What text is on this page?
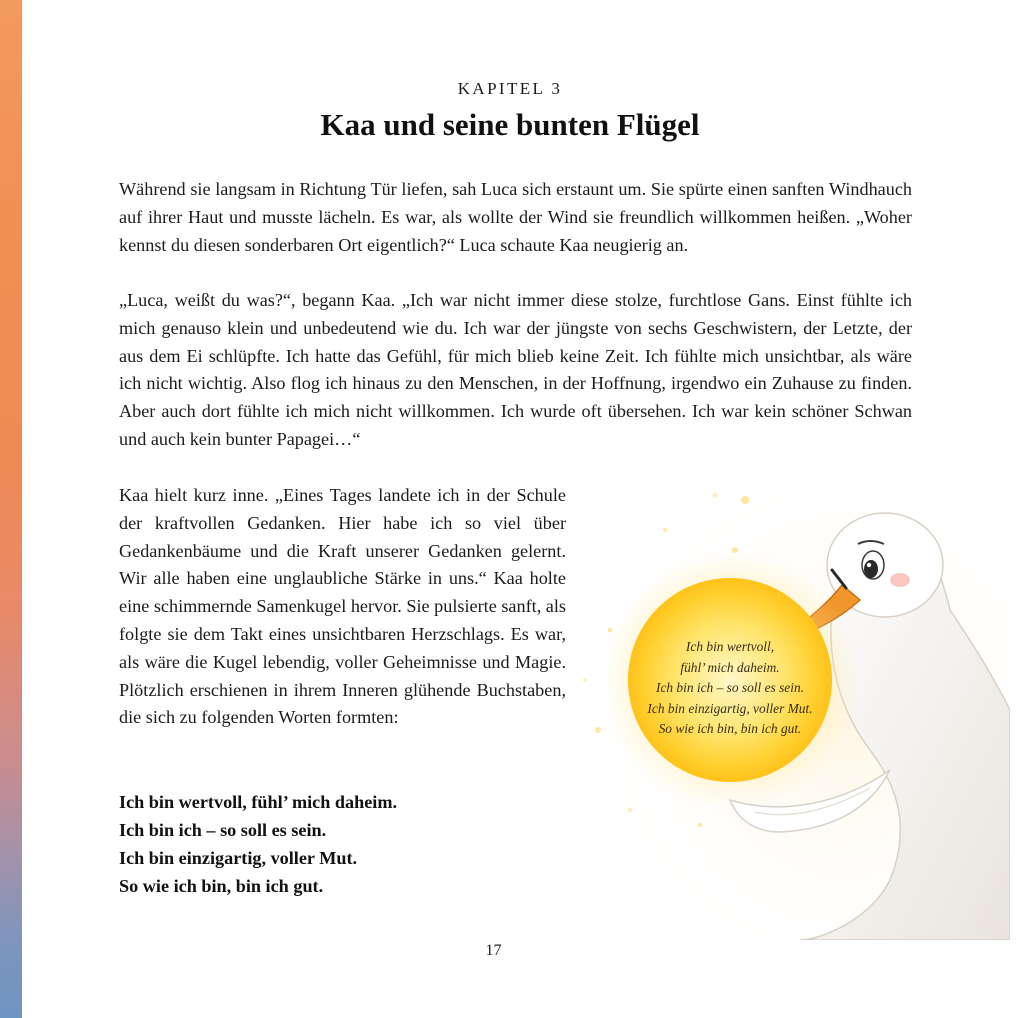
KAPITEL 3
Kaa und seine bunten Flügel

Während sie langsam in Richtung Tür liefen, sah Luca sich erstaunt um. Sie spürte einen sanften Windhauch auf ihrer Haut und musste lächeln. Es war, als wollte der Wind sie freundlich willkommen heißen. „Woher kennst du diesen sonderbaren Ort eigentlich?“ Luca schaute Kaa neugierig an.

„Luca, weißt du was?“, begann Kaa. „Ich war nicht immer diese stolze, furchtlose Gans. Einst fühlte ich mich genauso klein und unbedeutend wie du. Ich war der jüngste von sechs Geschwistern, der Letzte, der aus dem Ei schlüpfte. Ich hatte das Gefühl, für mich blieb keine Zeit. Ich fühlte mich unsichtbar, als wäre ich nicht wichtig. Also flog ich hinaus zu den Menschen, in der Hoffnung, irgendwo ein Zuhause zu finden. Aber auch dort fühlte ich mich nicht willkommen. Ich wurde oft übersehen. Ich war kein schöner Schwan und auch kein bunter Papagei…“

Kaa hielt kurz inne. „Eines Tages landete ich in der Schule der kraftvollen Gedanken. Hier habe ich so viel über Gedankenbäume und die Kraft unserer Gedanken gelernt. Wir alle haben eine unglaubliche Stärke in uns.“ Kaa holte eine schimmernde Samenkugel hervor. Sie pulsierte sanft, als folgte sie dem Takt eines unsichtbaren Herzschlags. Es war, als wäre die Kugel lebendig, voller Geheimnisse und Magie. Plötzlich erschienen in ihrem Inneren glühende Buchstaben, die sich zu folgenden Worten formten:

Ich bin wertvoll, fühl’ mich daheim.
Ich bin ich – so soll es sein.
Ich bin einzigartig, voller Mut.
So wie ich bin, bin ich gut.
Ich bin wertvoll,
fühl’ mich daheim.
Ich bin ich – so soll es sein.
Ich bin einzigartig, voller Mut.
So wie ich bin, bin ich gut.
17
